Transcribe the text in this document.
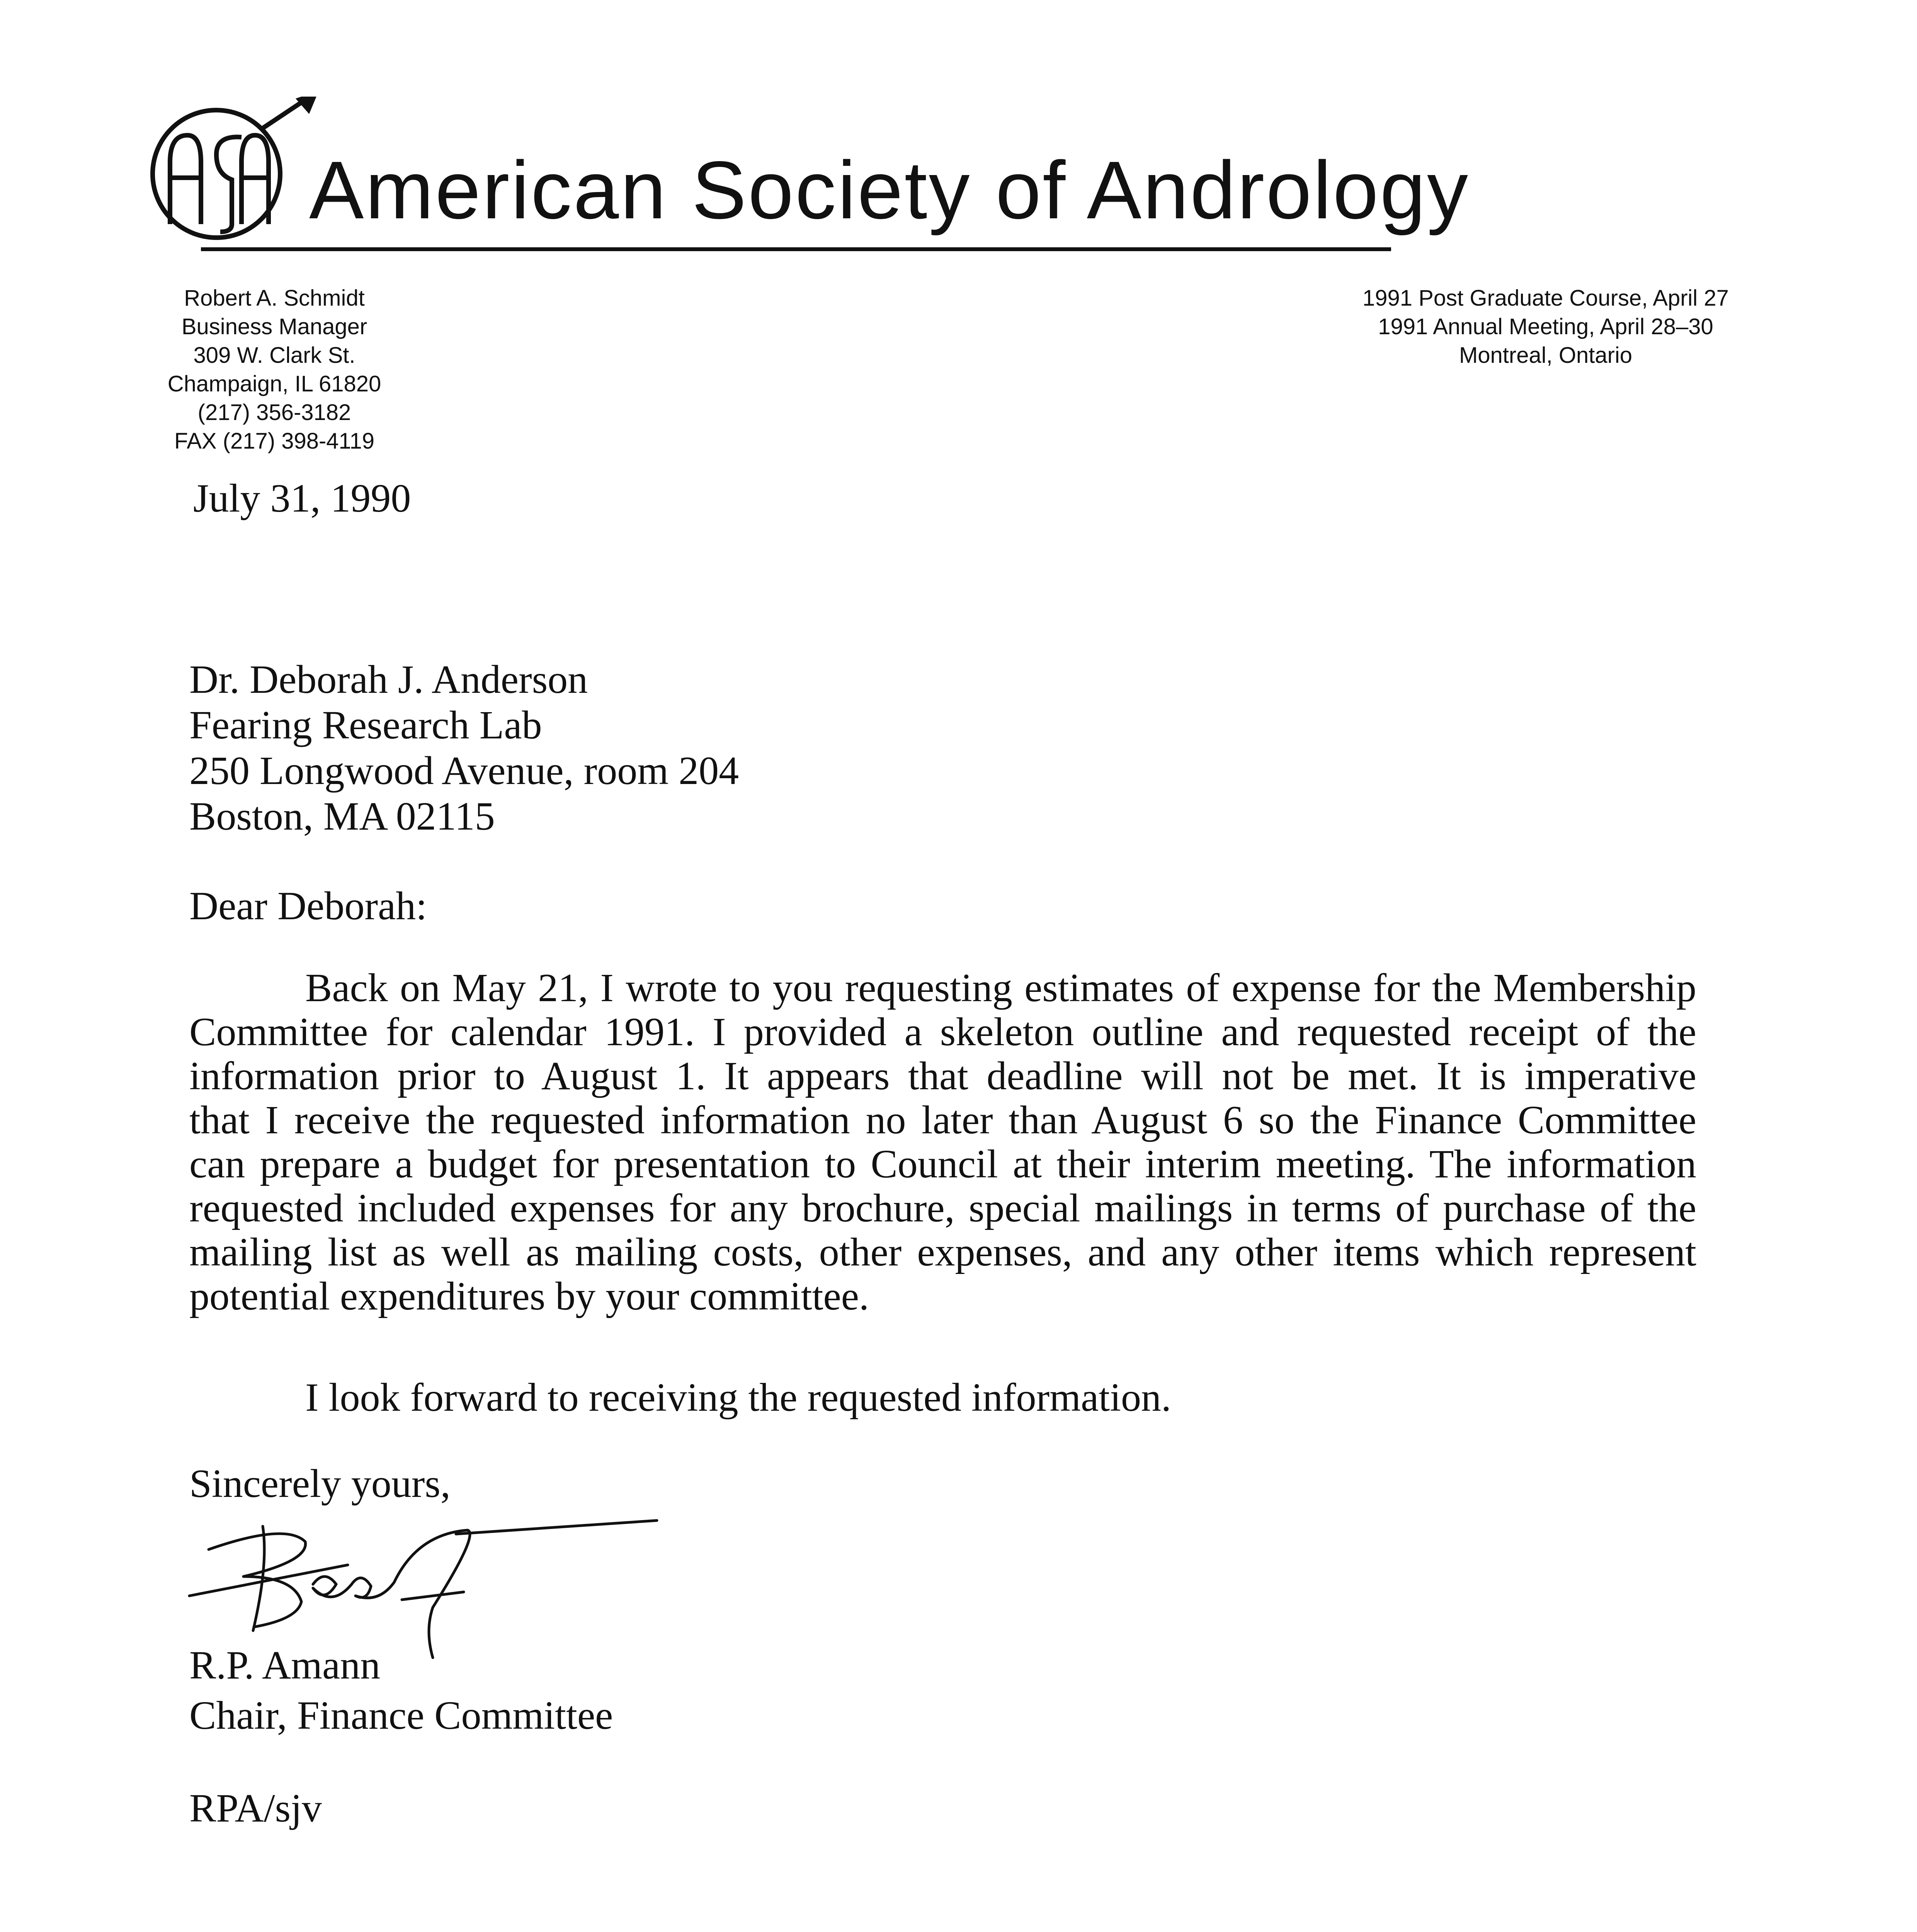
American Society of Andrology
Robert A. Schmidt
Business Manager
309 W. Clark St.
Champaign, IL 61820
(217) 356-3182
FAX (217) 398-4119
1991 Post Graduate Course, April 27
1991 Annual Meeting, April 28–30
Montreal, Ontario
July 31, 1990
Dr. Deborah J. Anderson
Fearing Research Lab
250 Longwood Avenue, room 204
Boston, MA 02115
Dear Deborah:
Back on May 21, I wrote to you requesting estimates of expense for the Membership
Committee for calendar 1991. I provided a skeleton outline and requested receipt of the
information prior to August 1. It appears that deadline will not be met. It is imperative
that I receive the requested information no later than August 6 so the Finance Committee
can prepare a budget for presentation to Council at their interim meeting. The information
requested included expenses for any brochure, special mailings in terms of purchase of the
mailing list as well as mailing costs, other expenses, and any other items which represent
potential expenditures by your committee.
I look forward to receiving the requested information.
Sincerely yours,
R.P. Amann
Chair, Finance Committee
RPA/sjv
